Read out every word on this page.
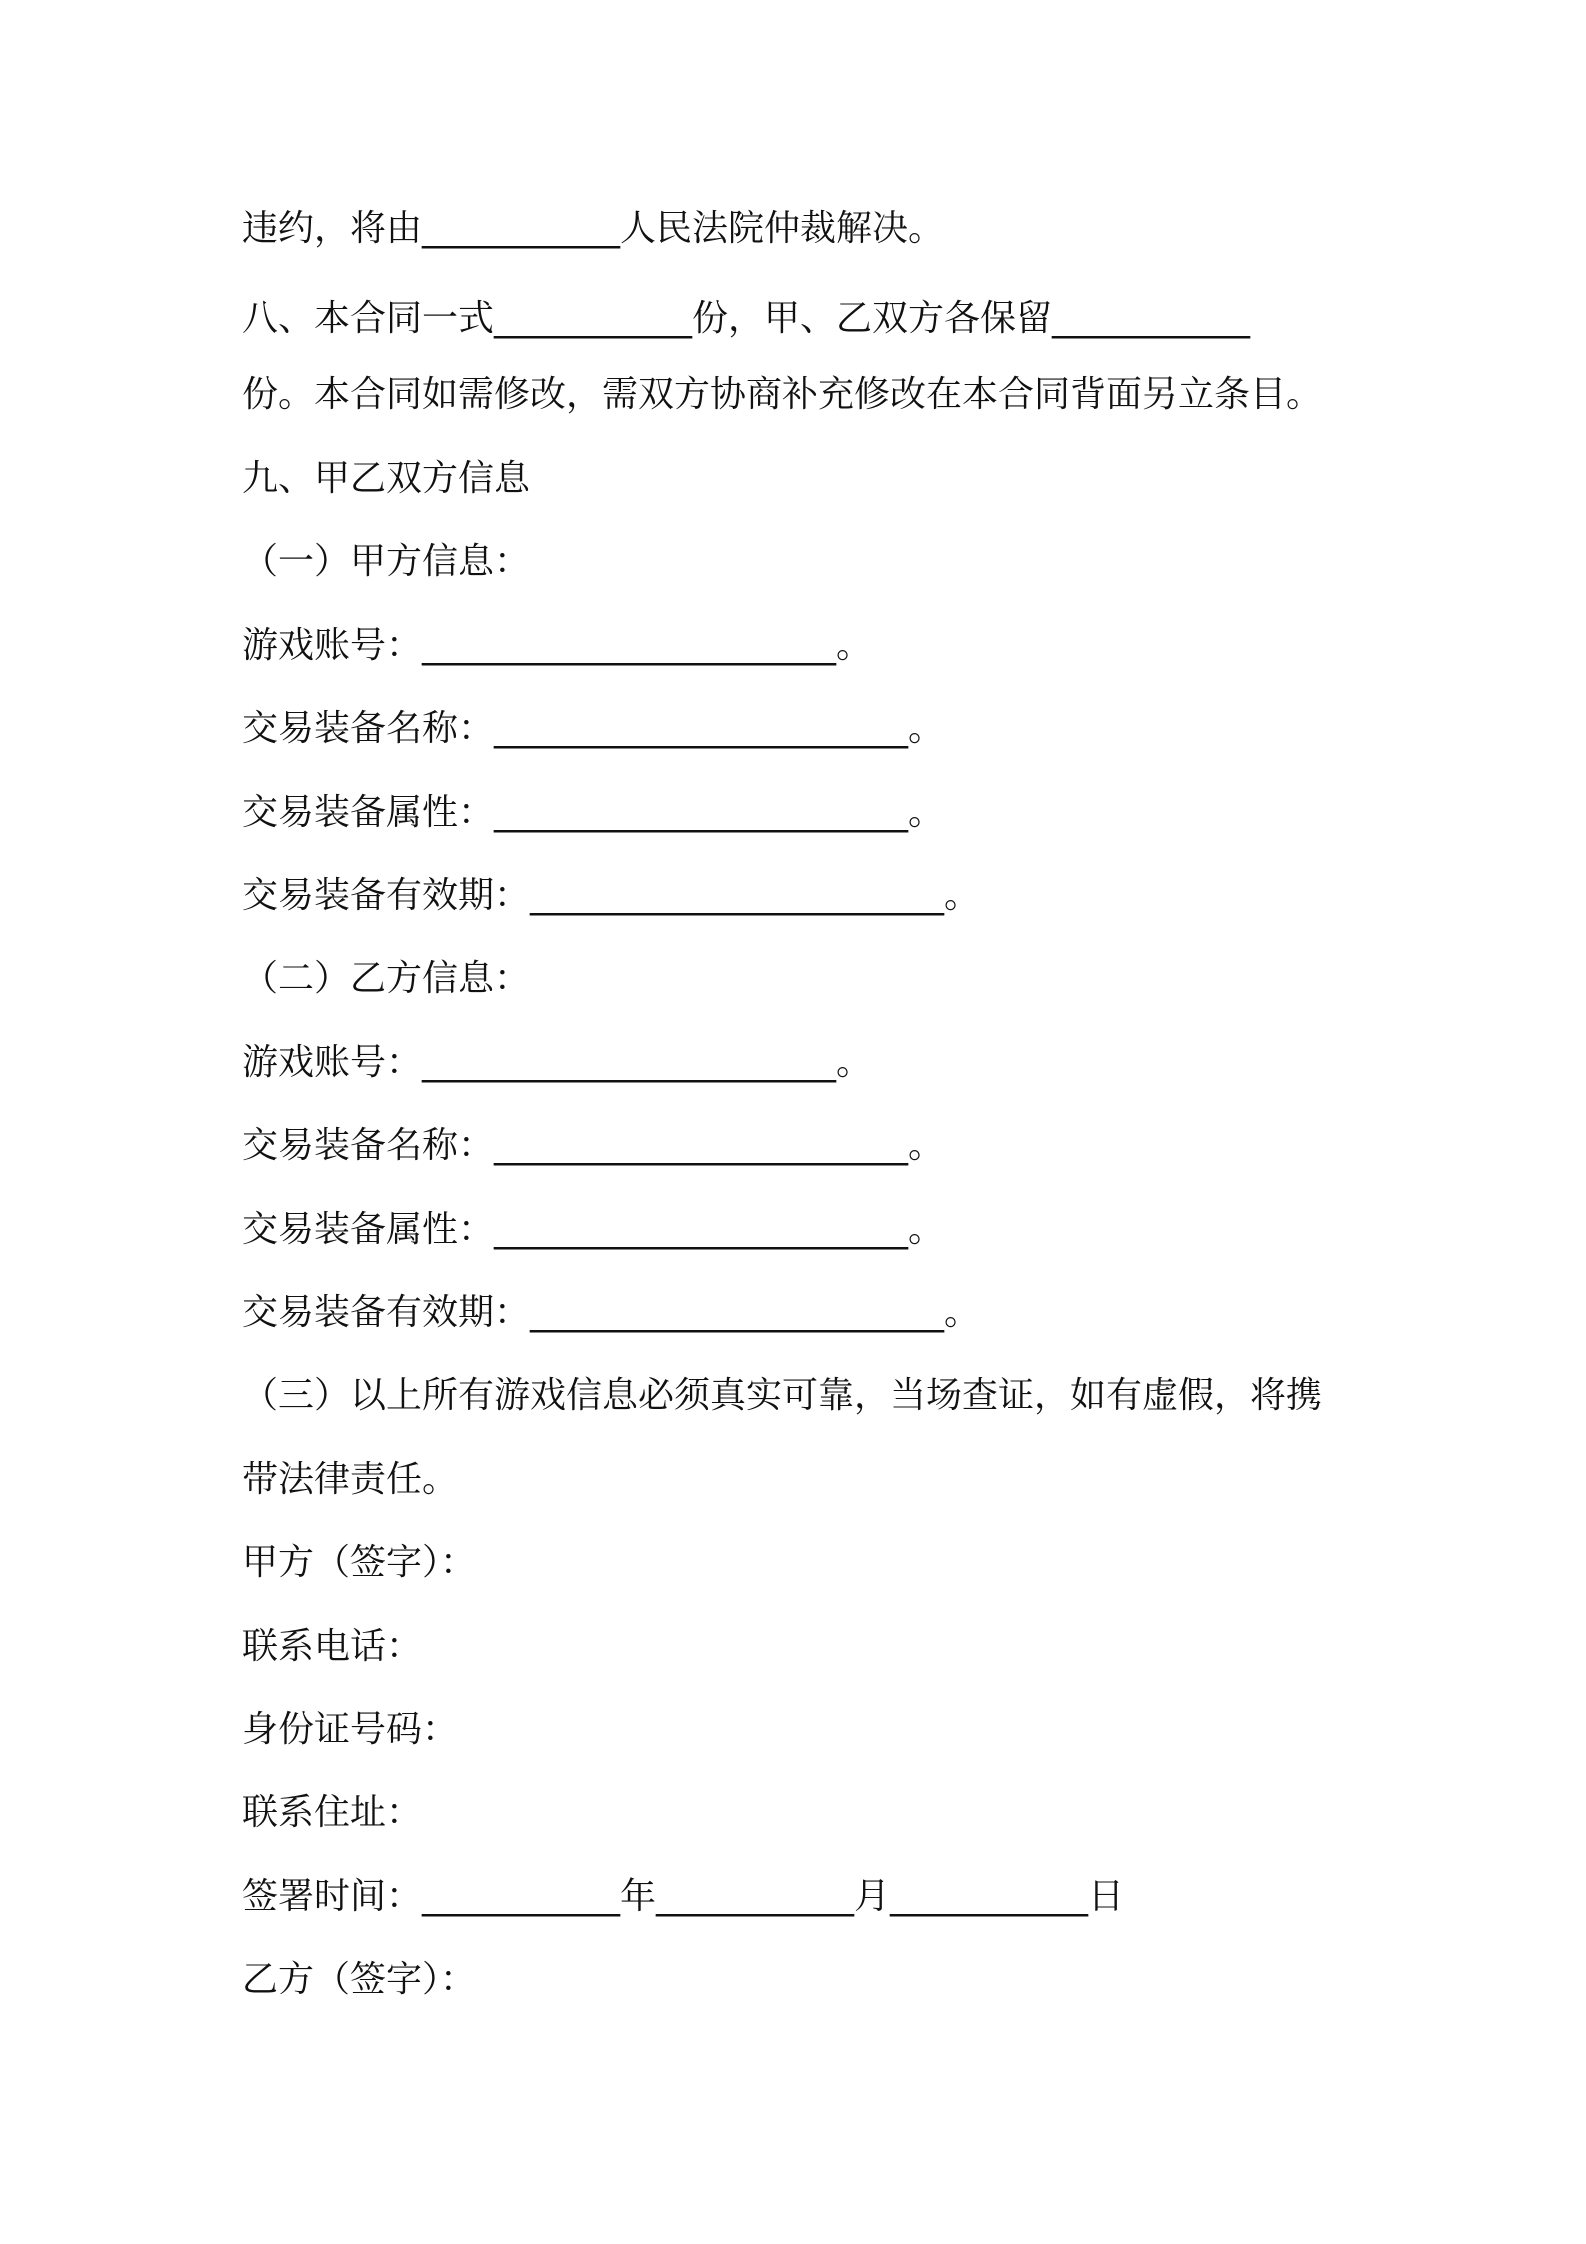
违约，将由___________人民法院仲裁解决。
八、本合同一式___________份，甲、乙双方各保留___________
份。本合同如需修改，需双方协商补充修改在本合同背面另立条目。
九、甲乙双方信息
（一）甲方信息：
游戏账号：_______________________。
交易装备名称：_______________________。
交易装备属性：_______________________。
交易装备有效期：_______________________。
（二）乙方信息：
游戏账号：_______________________。
交易装备名称：_______________________。
交易装备属性：_______________________。
交易装备有效期：_______________________。
（三）以上所有游戏信息必须真实可靠，当场查证，如有虚假，将携
带法律责任。
甲方（签字）：
联系电话：
身份证号码：
联系住址：
签署时间：___________年___________月___________日
乙方（签字）：
